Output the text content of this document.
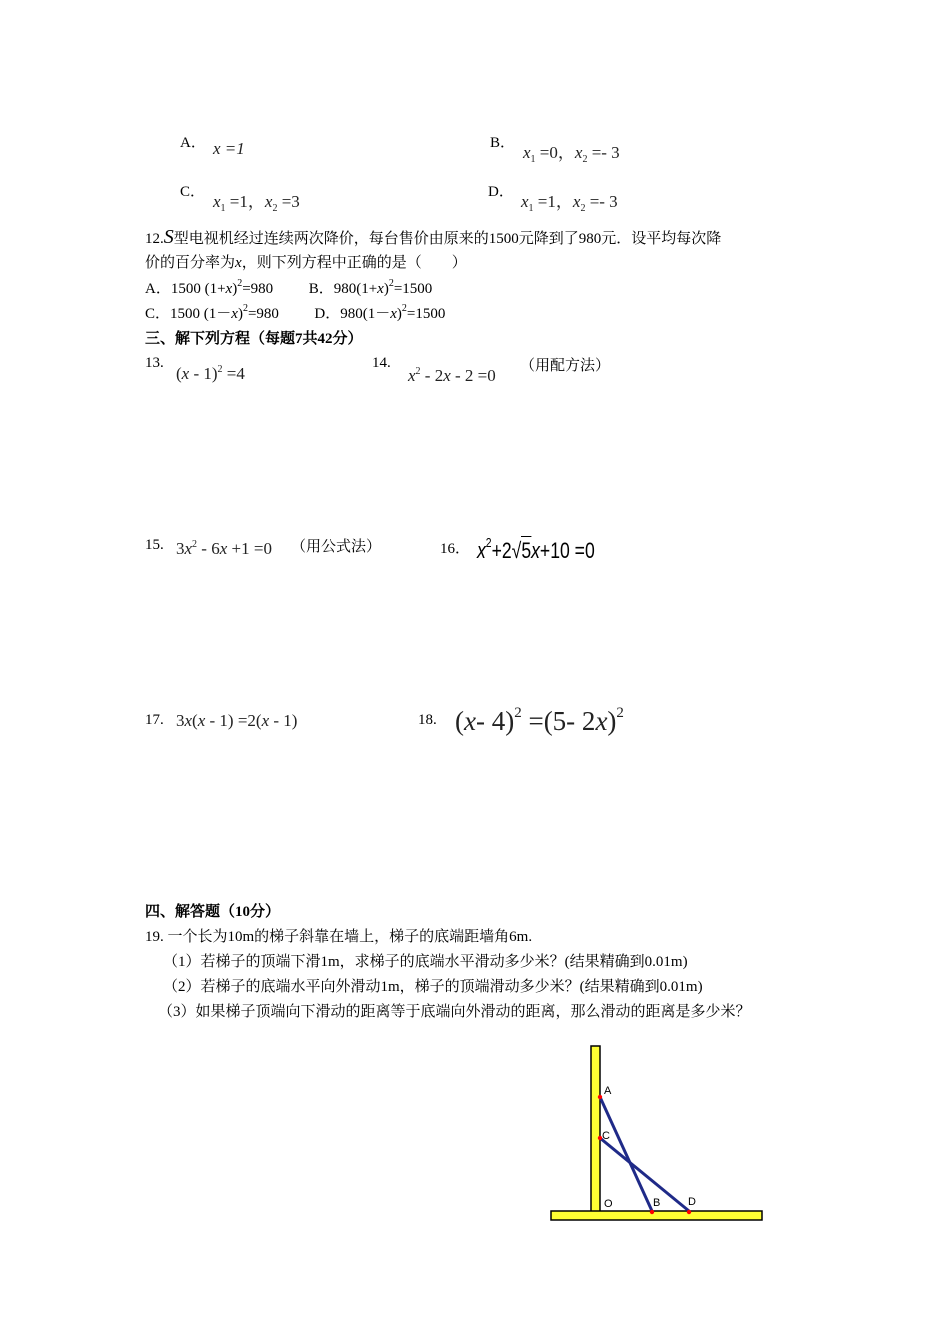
A． x =1	B． $x_1 =0$，$x_2 =- 3$
C． $x_1 =1$，$x_2 =3$	D． $x_1 =1$，$x_2 =- 3$
12.S型电视机经过连续两次降价，每台售价由原来的1500元降到了980元．设平均每次降
价的百分率为x，则下列方程中正确的是（　　）
A．1500 $(1+x)^2=980$ B．$980(1+x)^2=1500$
C．1500 $(1-x)^2=980$ D．$980(1-x)^2=1500$
三、解下列方程（每题7共42分）
13.
(x - 1)$^2$ =4
14.
$x^2 - 2x - 2 =0$ （用配方法）
15. $3x^2 - 6x +1 =0$ （用公式法）	16． $x^2+2√5x+10 =0$
17. 3x(x - 1) =2(x - 1)	18. (x- 4)$^2$ =(5- 2x)$^2$
四、解答题（10分）
19. 一个长为10m的梯子斜靠在墙上，梯子的底端距墙角6m.
（1）若梯子的顶端下滑1m，求梯子的底端水平滑动多少米？(结果精确到0.01m)
（2）若梯子的底端水平向外滑动1m，梯子的顶端滑动多少米？(结果精确到0.01m)
（3）如果梯子顶端向下滑动的距离等于底端向外滑动的距离，那么滑动的距离是多少米？
A
C
O	B	D
